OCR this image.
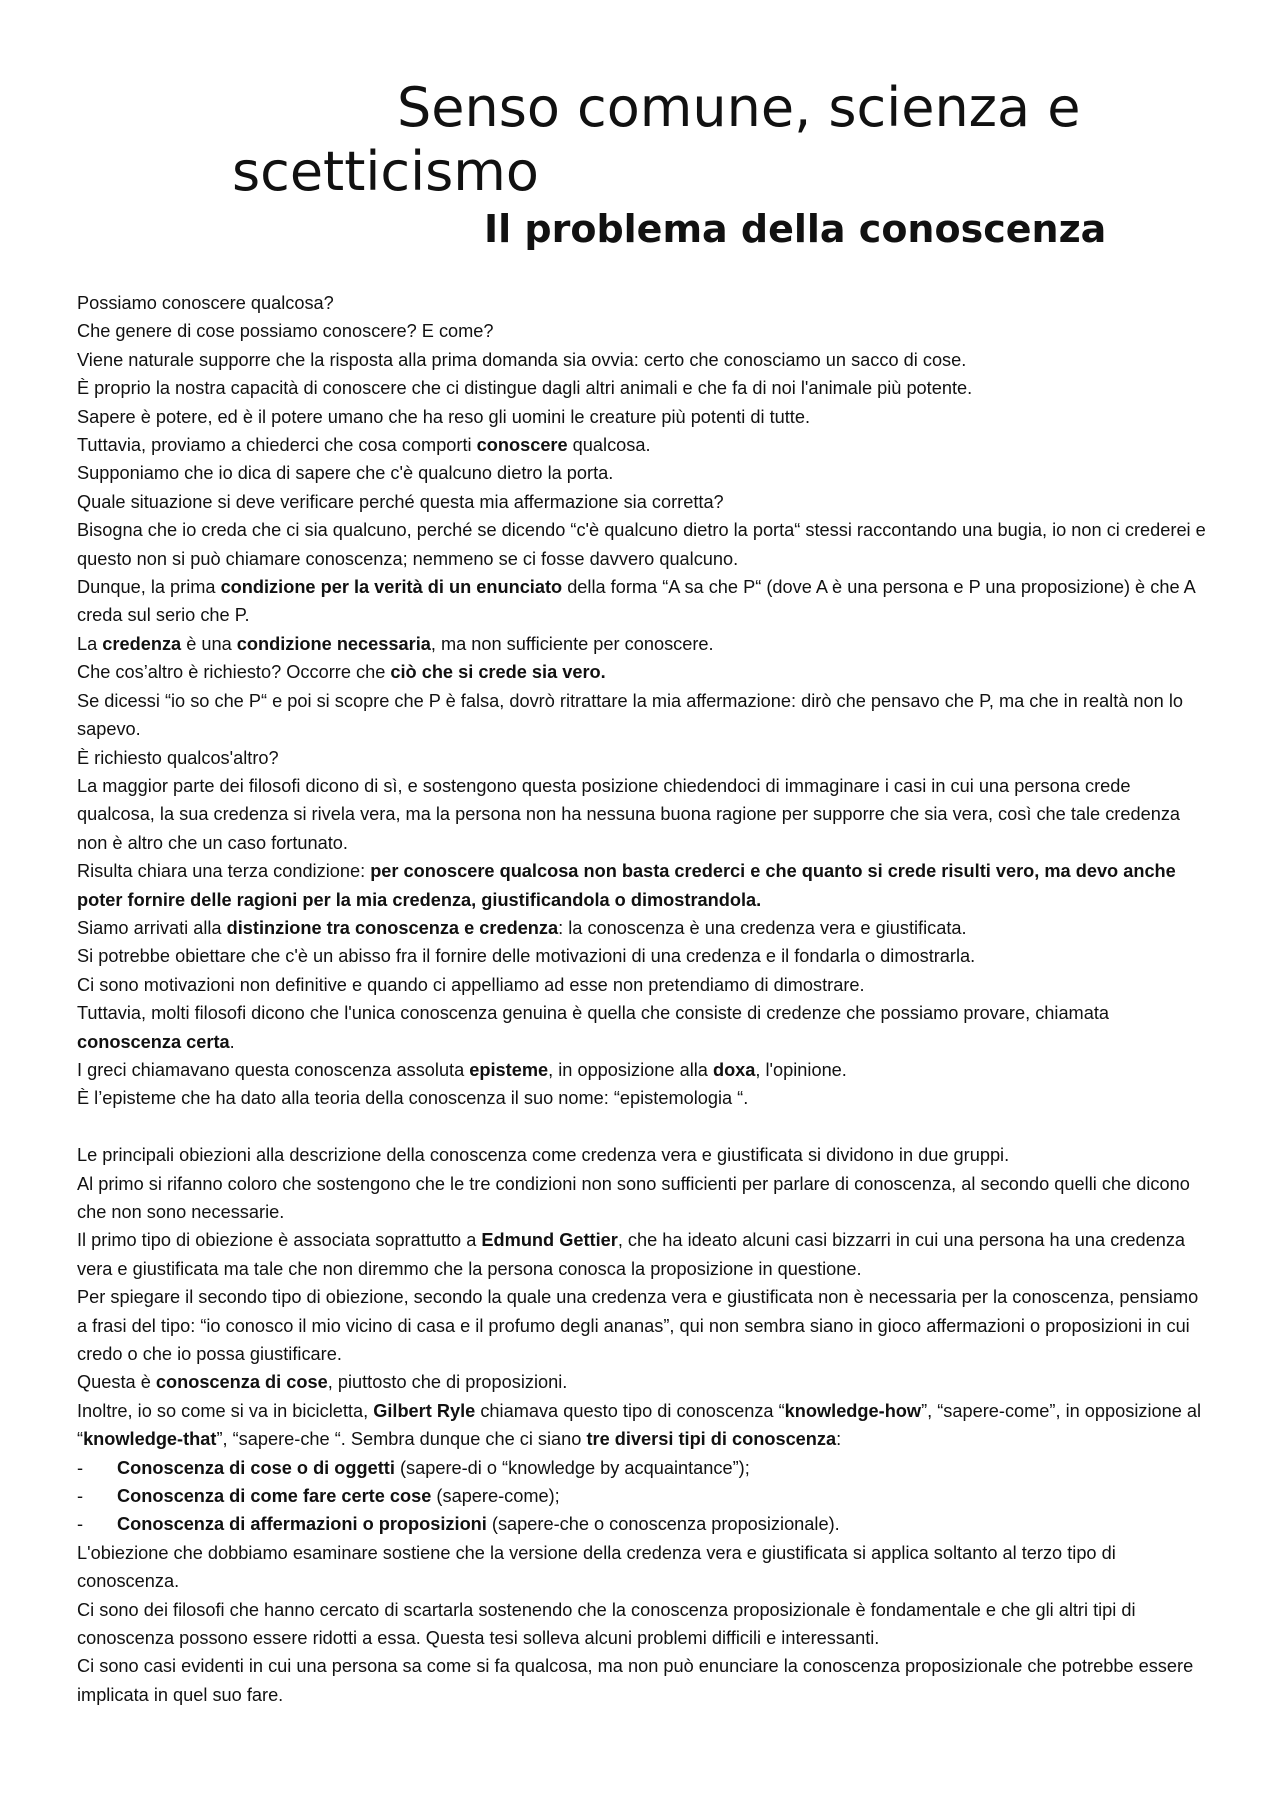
Senso comune, scienza e
scetticismo
Il problema della conoscenza

Possiamo conoscere qualcosa?

Che genere di cose possiamo conoscere? E come?

Viene naturale supporre che la risposta alla prima domanda sia ovvia: certo che conosciamo un sacco di cose.

È proprio la nostra capacità di conoscere che ci distingue dagli altri animali e che fa di noi l'animale più potente.

Sapere è potere, ed è il potere umano che ha reso gli uomini le creature più potenti di tutte.

Tuttavia, proviamo a chiederci che cosa comporti conoscere qualcosa.

Supponiamo che io dica di sapere che c'è qualcuno dietro la porta.

Quale situazione si deve verificare perché questa mia affermazione sia corretta?

Bisogna che io creda che ci sia qualcuno, perché se dicendo “c'è qualcuno dietro la porta“ stessi raccontando una bugia, io non ci crederei e questo non si può chiamare conoscenza; nemmeno se ci fosse davvero qualcuno.

Dunque, la prima condizione per la verità di un enunciato della forma “A sa che P“ (dove A è una persona e P una proposizione) è che A creda sul serio che P.

La credenza è una condizione necessaria, ma non sufficiente per conoscere.

Che cos’altro è richiesto? Occorre che ciò che si crede sia vero.

Se dicessi “io so che P“ e poi si scopre che P è falsa, dovrò ritrattare la mia affermazione: dirò che pensavo che P, ma che in realtà non lo sapevo.

È richiesto qualcos'altro?

La maggior parte dei filosofi dicono di sì, e sostengono questa posizione chiedendoci di immaginare i casi in cui una persona crede qualcosa, la sua credenza si rivela vera, ma la persona non ha nessuna buona ragione per supporre che sia vera, così che tale credenza non è altro che un caso fortunato.

Risulta chiara una terza condizione: per conoscere qualcosa non basta crederci e che quanto si crede risulti vero, ma devo anche poter fornire delle ragioni per la mia credenza, giustificandola o dimostrandola.

Siamo arrivati alla distinzione tra conoscenza e credenza: la conoscenza è una credenza vera e giustificata.

Si potrebbe obiettare che c'è un abisso fra il fornire delle motivazioni di una credenza e il fondarla o dimostrarla.

Ci sono motivazioni non definitive e quando ci appelliamo ad esse non pretendiamo di dimostrare.

Tuttavia, molti filosofi dicono che l'unica conoscenza genuina è quella che consiste di credenze che possiamo provare, chiamata conoscenza certa.

I greci chiamavano questa conoscenza assoluta episteme, in opposizione alla doxa, l'opinione.

È l’episteme che ha dato alla teoria della conoscenza il suo nome: “epistemologia “.

Le principali obiezioni alla descrizione della conoscenza come credenza vera e giustificata si dividono in due gruppi.

Al primo si rifanno coloro che sostengono che le tre condizioni non sono sufficienti per parlare di conoscenza, al secondo quelli che dicono che non sono necessarie.

Il primo tipo di obiezione è associata soprattutto a Edmund Gettier, che ha ideato alcuni casi bizzarri in cui una persona ha una credenza vera e giustificata ma tale che non diremmo che la persona conosca la proposizione in questione.

Per spiegare il secondo tipo di obiezione, secondo la quale una credenza vera e giustificata non è necessaria per la conoscenza, pensiamo a frasi del tipo: “io conosco il mio vicino di casa e il profumo degli ananas”, qui non sembra siano in gioco affermazioni o proposizioni in cui credo o che io possa giustificare.

Questa è conoscenza di cose, piuttosto che di proposizioni.

Inoltre, io so come si va in bicicletta, Gilbert Ryle chiamava questo tipo di conoscenza “knowledge-how”, “sapere-come”, in opposizione al “knowledge-that”, “sapere-che “. Sembra dunque che ci siano tre diversi tipi di conoscenza:

- Conoscenza di cose o di oggetti (sapere-di o “knowledge by acquaintance”);
- Conoscenza di come fare certe cose (sapere-come);
- Conoscenza di affermazioni o proposizioni (sapere-che o conoscenza proposizionale).

L'obiezione che dobbiamo esaminare sostiene che la versione della credenza vera e giustificata si applica soltanto al terzo tipo di conoscenza.

Ci sono dei filosofi che hanno cercato di scartarla sostenendo che la conoscenza proposizionale è fondamentale e che gli altri tipi di conoscenza possono essere ridotti a essa. Questa tesi solleva alcuni problemi difficili e interessanti.

Ci sono casi evidenti in cui una persona sa come si fa qualcosa, ma non può enunciare la conoscenza proposizionale che potrebbe essere implicata in quel suo fare.
